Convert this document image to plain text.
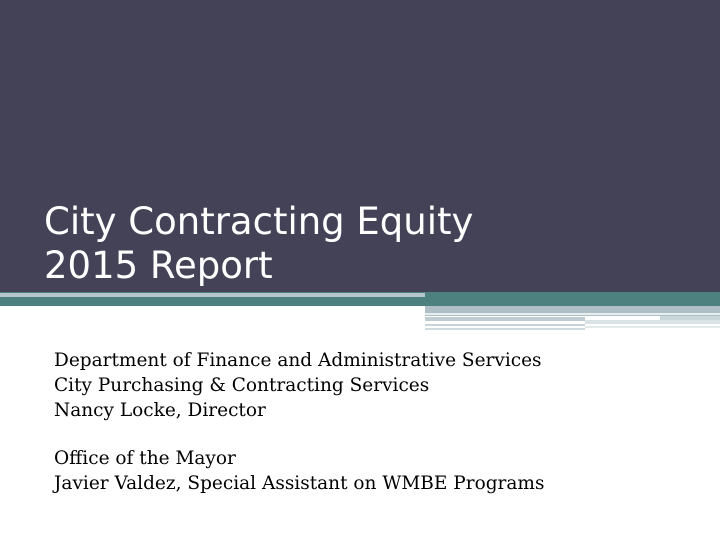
City Contracting Equity
2015 Report
Department of Finance and Administrative Services
City Purchasing & Contracting Services
Nancy Locke, Director
Office of the Mayor
Javier Valdez, Special Assistant on WMBE Programs
